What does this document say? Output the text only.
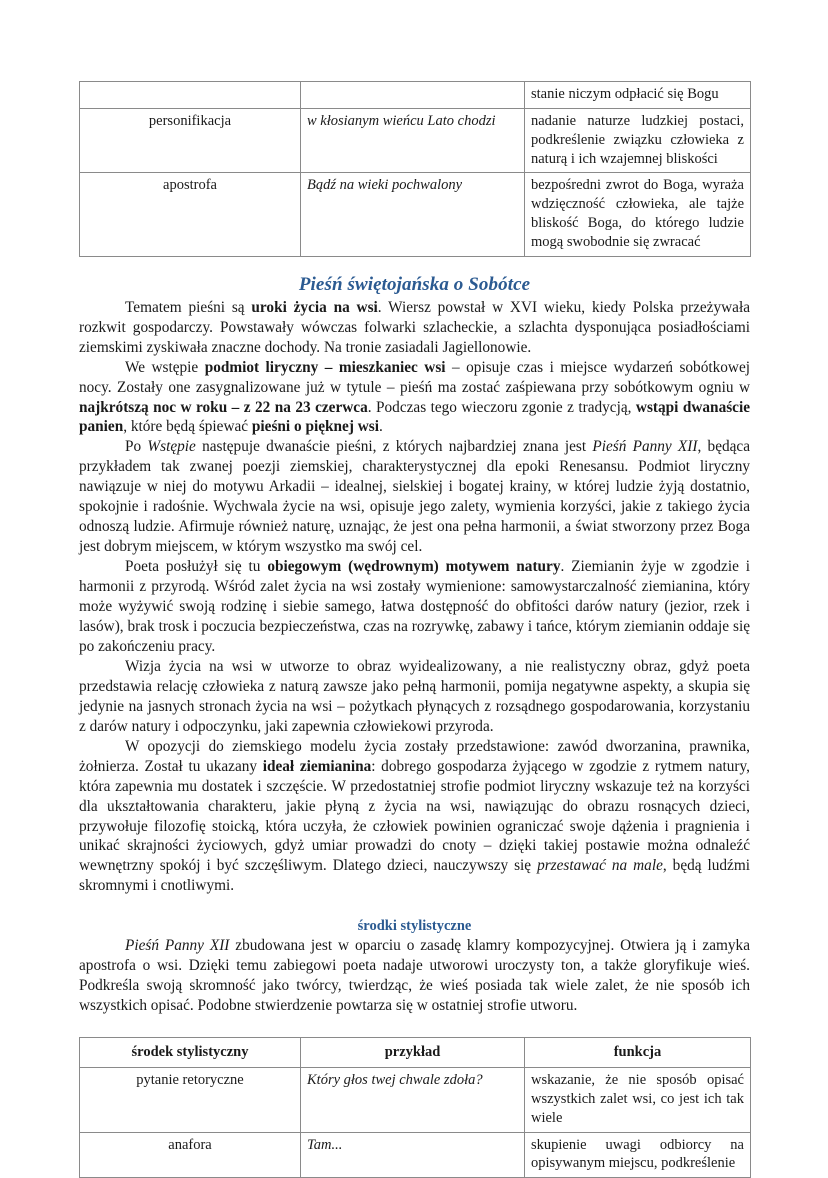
		stanie niczym odpłacić się Bogu
personifikacja	w kłosianym wieńcu Lato chodzi	nadanie naturze ludzkiej postaci, podkreślenie związku człowieka z naturą i ich wzajemnej bliskości
apostrofa	Bądź na wieki pochwalony	bezpośredni zwrot do Boga, wyraża wdzięczność człowieka, ale tajże bliskość Boga, do którego ludzie mogą swobodnie się zwracać
Pieśń świętojańska o Sobótce

Tematem pieśni są uroki życia na wsi. Wiersz powstał w XVI wieku, kiedy Polska przeżywała rozkwit gospodarczy. Powstawały wówczas folwarki szlacheckie, a szlachta dysponująca posiadłościami ziemskimi zyskiwała znaczne dochody. Na tronie zasiadali Jagiellonowie.

We wstępie podmiot liryczny – mieszkaniec wsi – opisuje czas i miejsce wydarzeń sobótkowej nocy. Zostały one zasygnalizowane już w tytule – pieśń ma zostać zaśpiewana przy sobótkowym ogniu w najkrótszą noc w roku – z 22 na 23 czerwca. Podczas tego wieczoru zgonie z tradycją, wstąpi dwanaście panien, które będą śpiewać pieśni o pięknej wsi.

Po Wstępie następuje dwanaście pieśni, z których najbardziej znana jest Pieśń Panny XII, będąca przykładem tak zwanej poezji ziemskiej, charakterystycznej dla epoki Renesansu. Podmiot liryczny nawiązuje w niej do motywu Arkadii – idealnej, sielskiej i bogatej krainy, w której ludzie żyją dostatnio, spokojnie i radośnie. Wychwala życie na wsi, opisuje jego zalety, wymienia korzyści, jakie z takiego życia odnoszą ludzie. Afirmuje również naturę, uznając, że jest ona pełna harmonii, a świat stworzony przez Boga jest dobrym miejscem, w którym wszystko ma swój cel.

Poeta posłużył się tu obiegowym (wędrownym) motywem natury. Ziemianin żyje w zgodzie i harmonii z przyrodą. Wśród zalet życia na wsi zostały wymienione: samowystarczalność ziemianina, który może wyżywić swoją rodzinę i siebie samego, łatwa dostępność do obfitości darów natury (jezior, rzek i lasów), brak trosk i poczucia bezpieczeństwa, czas na rozrywkę, zabawy i tańce, którym ziemianin oddaje się po zakończeniu pracy.

Wizja życia na wsi w utworze to obraz wyidealizowany, a nie realistyczny obraz, gdyż poeta przedstawia relację człowieka z naturą zawsze jako pełną harmonii, pomija negatywne aspekty, a skupia się jedynie na jasnych stronach życia na wsi – pożytkach płynących z rozsądnego gospodarowania, korzystaniu z darów natury i odpoczynku, jaki zapewnia człowiekowi przyroda.

W opozycji do ziemskiego modelu życia zostały przedstawione: zawód dworzanina, prawnika, żołnierza. Został tu ukazany ideał ziemianina: dobrego gospodarza żyjącego w zgodzie z rytmem natury, która zapewnia mu dostatek i szczęście. W przedostatniej strofie podmiot liryczny wskazuje też na korzyści dla ukształtowania charakteru, jakie płyną z życia na wsi, nawiązując do obrazu rosnących dzieci, przywołuje filozofię stoicką, która uczyła, że człowiek powinien ograniczać swoje dążenia i pragnienia i unikać skrajności życiowych, gdyż umiar prowadzi do cnoty – dzięki takiej postawie można odnaleźć wewnętrzny spokój i być szczęśliwym. Dlatego dzieci, nauczywszy się przestawać na male, będą ludźmi skromnymi i cnotliwymi.

środki stylistyczne

Pieśń Panny XII zbudowana jest w oparciu o zasadę klamry kompozycyjnej. Otwiera ją i zamyka apostrofa o wsi. Dzięki temu zabiegowi poeta nadaje utworowi uroczysty ton, a także gloryfikuje wieś. Podkreśla swoją skromność jako twórcy, twierdząc, że wieś posiada tak wiele zalet, że nie sposób ich wszystkich opisać. Podobne stwierdzenie powtarza się w ostatniej strofie utworu.

środek stylistyczny	przykład	funkcja
pytanie retoryczne	Który głos twej chwale zdoła?	wskazanie, że nie sposób opisać wszystkich zalet wsi, co jest ich tak wiele
anafora	Tam...	skupienie uwagi odbiorcy na opisywanym miejscu, podkreślenie
